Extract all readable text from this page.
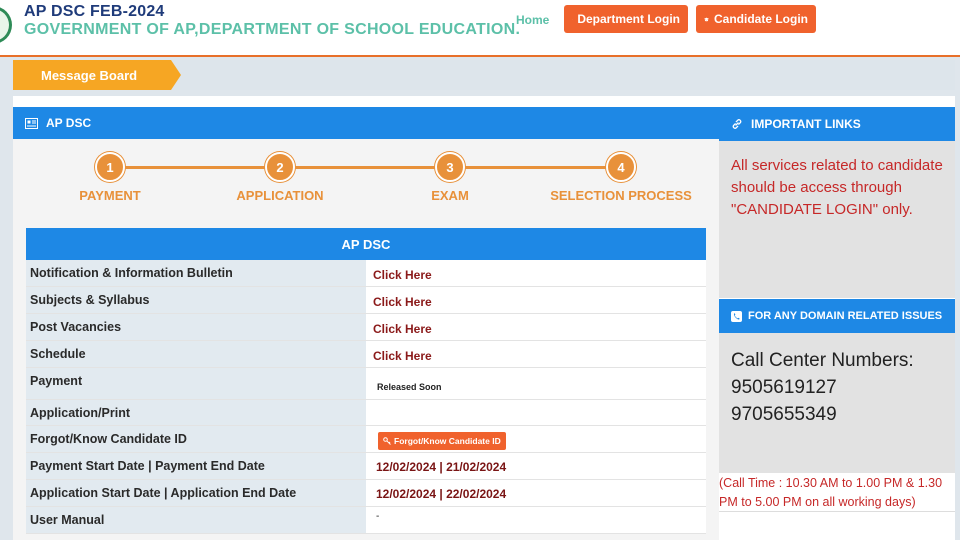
AP DSC FEB-2024
GOVERNMENT OF AP,DEPARTMENT OF SCHOOL EDUCATION.
Home Department Login	Candidate Login
Message Board
AP DSC
1	2	3	4
PAYMENT	APPLICATION	EXAM	SELECTION PROCESS
AP DSC
Notification & Information Bulletin	Click Here
Subjects & Syllabus	Click Here
Post Vacancies	Click Here
Schedule	Click Here
Payment	Released Soon
Application/Print
Forgot/Know Candidate ID	Forgot/Know Candidate ID
Payment Start Date | Payment End Date	12/02/2024 | 21/02/2024
Application Start Date | Application End Date	12/02/2024 | 22/02/2024
User Manual	-
IMPORTANT LINKS

All services related to candidate should be access through "CANDIDATE LOGIN" only.

FOR ANY DOMAIN RELATED ISSUES
Call Center Numbers:
9505619127
9705655349
(Call Time : 10.30 AM to 1.00 PM & 1.30 PM to 5.00 PM on all working days)
